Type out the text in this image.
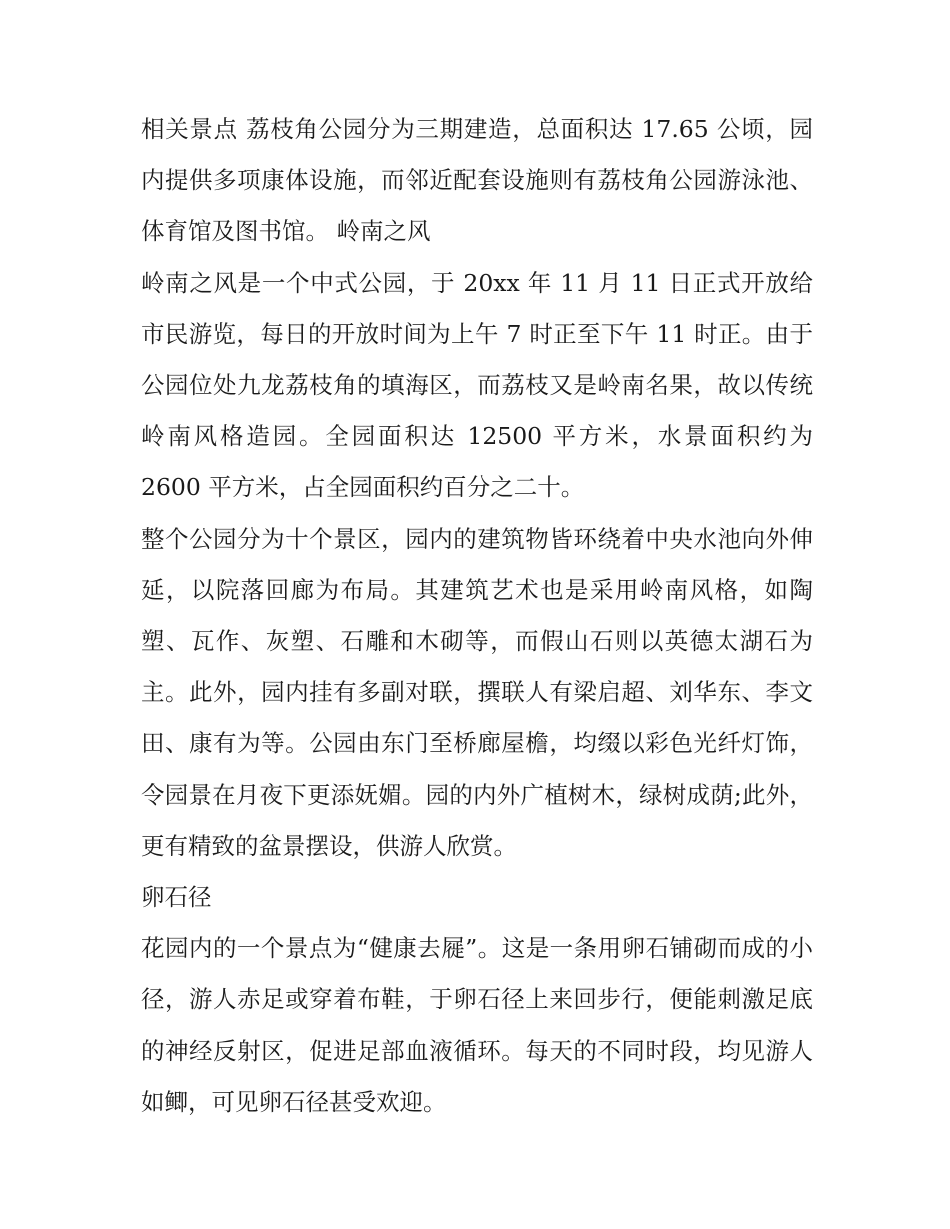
相关景点 荔枝角公园分为三期建造，总面积达 17.65 公顷，园内提供多项康体设施，而邻近配套设施则有荔枝角公园游泳池、体育馆及图书馆。 岭南之风

岭南之风是一个中式公园，于 20xx 年 11 月 11 日正式开放给市民游览，每日的开放时间为上午 7 时正至下午 11 时正。由于公园位处九龙荔枝角的填海区，而荔枝又是岭南名果，故以传统岭南风格造园。全园面积达 12500 平方米，水景面积约为 2600 平方米，占全园面积约百分之二十。

整个公园分为十个景区，园内的建筑物皆环绕着中央水池向外伸延，以院落回廊为布局。其建筑艺术也是采用岭南风格，如陶塑、瓦作、灰塑、石雕和木砌等，而假山石则以英德太湖石为主。此外，园内挂有多副对联，撰联人有梁启超、刘华东、李文田、康有为等。公园由东门至桥廊屋檐，均缀以彩色光纤灯饰，令园景在月夜下更添妩媚。园的内外广植树木，绿树成荫;此外，更有精致的盆景摆设，供游人欣赏。

卵石径

花园内的一个景点为“健康去屣”。这是一条用卵石铺砌而成的小径，游人赤足或穿着布鞋，于卵石径上来回步行，便能刺激足底的神经反射区，促进足部血液循环。每天的不同时段，均见游人如鲫，可见卵石径甚受欢迎。
